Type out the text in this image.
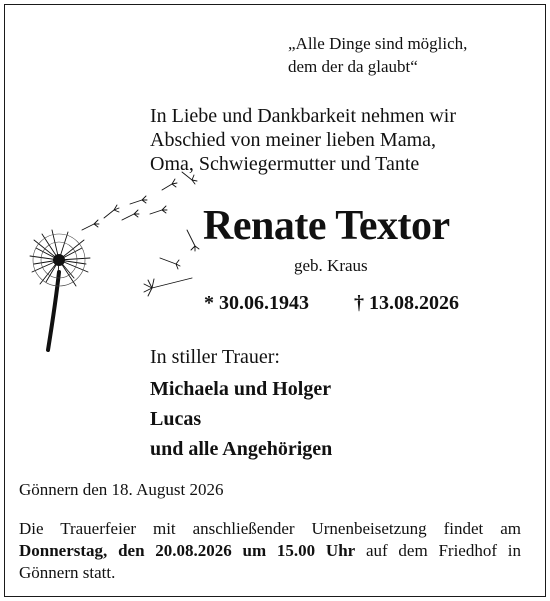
„Alle Dinge sind möglich,
dem der da glaubt“
In Liebe und Dankbarkeit nehmen wir
Abschied von meiner lieben Mama,
Oma, Schwiegermutter und Tante
Renate Textor
geb. Kraus
* 30.06.1943 † 13.08.2026
In stiller Trauer:
Michaela und Holger
Lucas
und alle Angehörigen
Gönnern den 18. August 2026
Die Trauerfeier mit anschließender Urnenbeisetzung findet am Donnerstag, den 20.08.2026 um 15.00 Uhr auf dem Friedhof in Gönnern statt.
